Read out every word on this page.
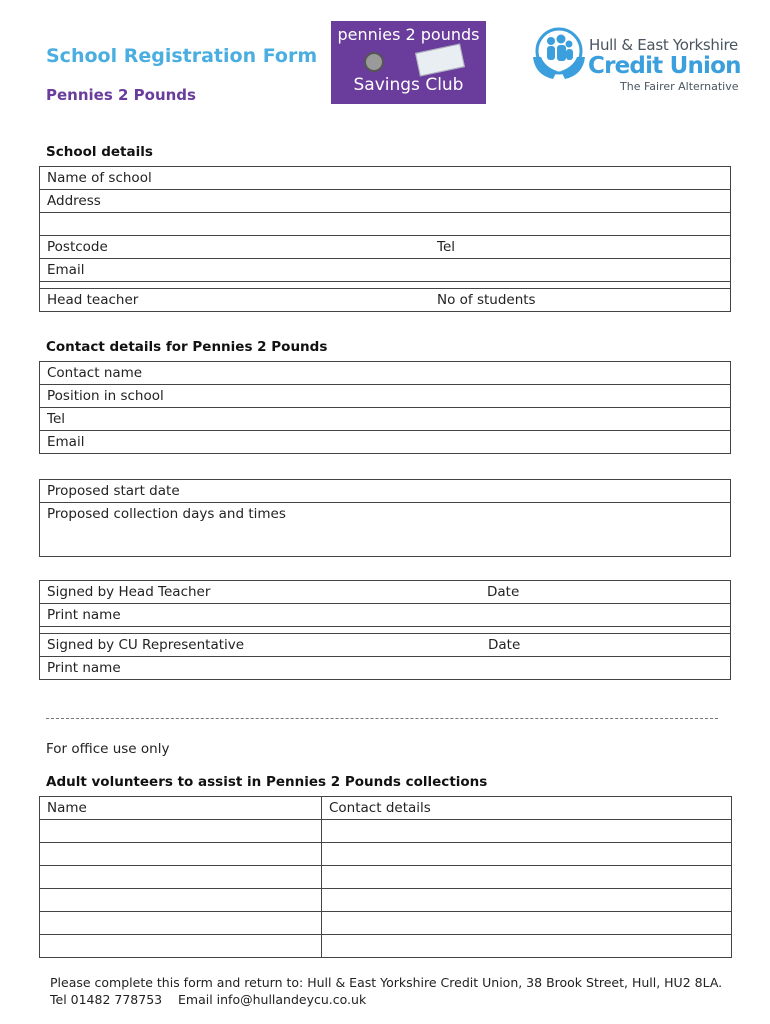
School Registration Form
Pennies 2 Pounds
pennies 2 pounds
Savings Club
Hull & East Yorkshire
Credit Union
The Fairer Alternative
School details
Name of school
Address

Postcode	Tel

Email

Head teacher	No of students
Contact details for Pennies 2 Pounds
Contact name
Position in school
Tel
Email
Proposed start date
Proposed collection days and times
Signed by Head Teacher	Date

Print name

Signed by CU Representative	Date

Print name
For office use only
Adult volunteers to assist in Pennies 2 Pounds collections
Name	Contact details

Please complete this form and return to: Hull & East Yorkshire Credit Union, 38 Brook Street, Hull, HU2 8LA.
Tel 01482 778753    Email info@hullandeycu.co.uk
